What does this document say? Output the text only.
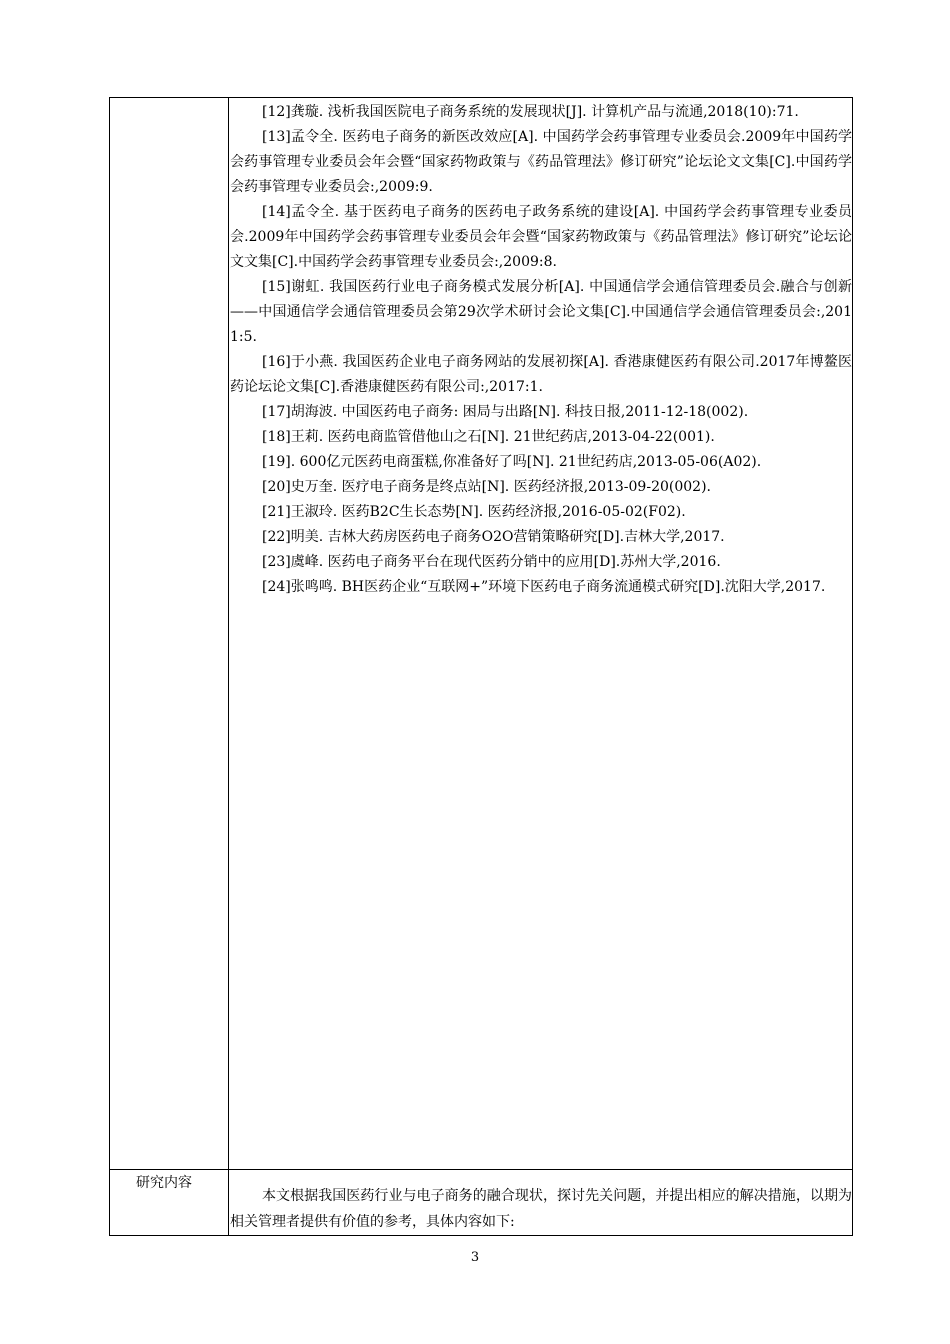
[12]龚璇. 浅析我国医院电子商务系统的发展现状[J]. 计算机产品与流通,2018(10):71.
[13]孟令全. 医药电子商务的新医改效应[A]. 中国药学会药事管理专业委员会.2009年中国药学会药事管理专业委员会年会暨“国家药物政策与《药品管理法》修订研究”论坛论文文集[C].中国药学会药事管理专业委员会:,2009:9.
[14]孟令全. 基于医药电子商务的医药电子政务系统的建设[A]. 中国药学会药事管理专业委员会.2009年中国药学会药事管理专业委员会年会暨“国家药物政策与《药品管理法》修订研究”论坛论文文集[C].中国药学会药事管理专业委员会:,2009:8.
[15]谢虹. 我国医药行业电子商务模式发展分析[A]. 中国通信学会通信管理委员会.融合与创新——中国通信学会通信管理委员会第29次学术研讨会论文集[C].中国通信学会通信管理委员会:,2011:5.
[16]于小燕. 我国医药企业电子商务网站的发展初探[A]. 香港康健医药有限公司.2017年博鳌医药论坛论文集[C].香港康健医药有限公司:,2017:1.
[17]胡海波. 中国医药电子商务: 困局与出路[N]. 科技日报,2011-12-18(002).
[18]王莉. 医药电商监管借他山之石[N]. 21世纪药店,2013-04-22(001).
[19]. 600亿元医药电商蛋糕,你准备好了吗[N]. 21世纪药店,2013-05-06(A02).
[20]史万奎. 医疗电子商务是终点站[N]. 医药经济报,2013-09-20(002).
[21]王淑玲. 医药B2C生长态势[N]. 医药经济报,2016-05-02(F02).
[22]明美. 吉林大药房医药电子商务O2O营销策略研究[D].吉林大学,2017.
[23]虞峰. 医药电子商务平台在现代医药分销中的应用[D].苏州大学,2016.
[24]张鸣鸣. BH医药企业“互联网+”环境下医药电子商务流通模式研究[D].沈阳大学,2017.
研究内容

本文根据我国医药行业与电子商务的融合现状，探讨先关问题，并提出相应的解决措施，以期为相关管理者提供有价值的参考，具体内容如下:

3
